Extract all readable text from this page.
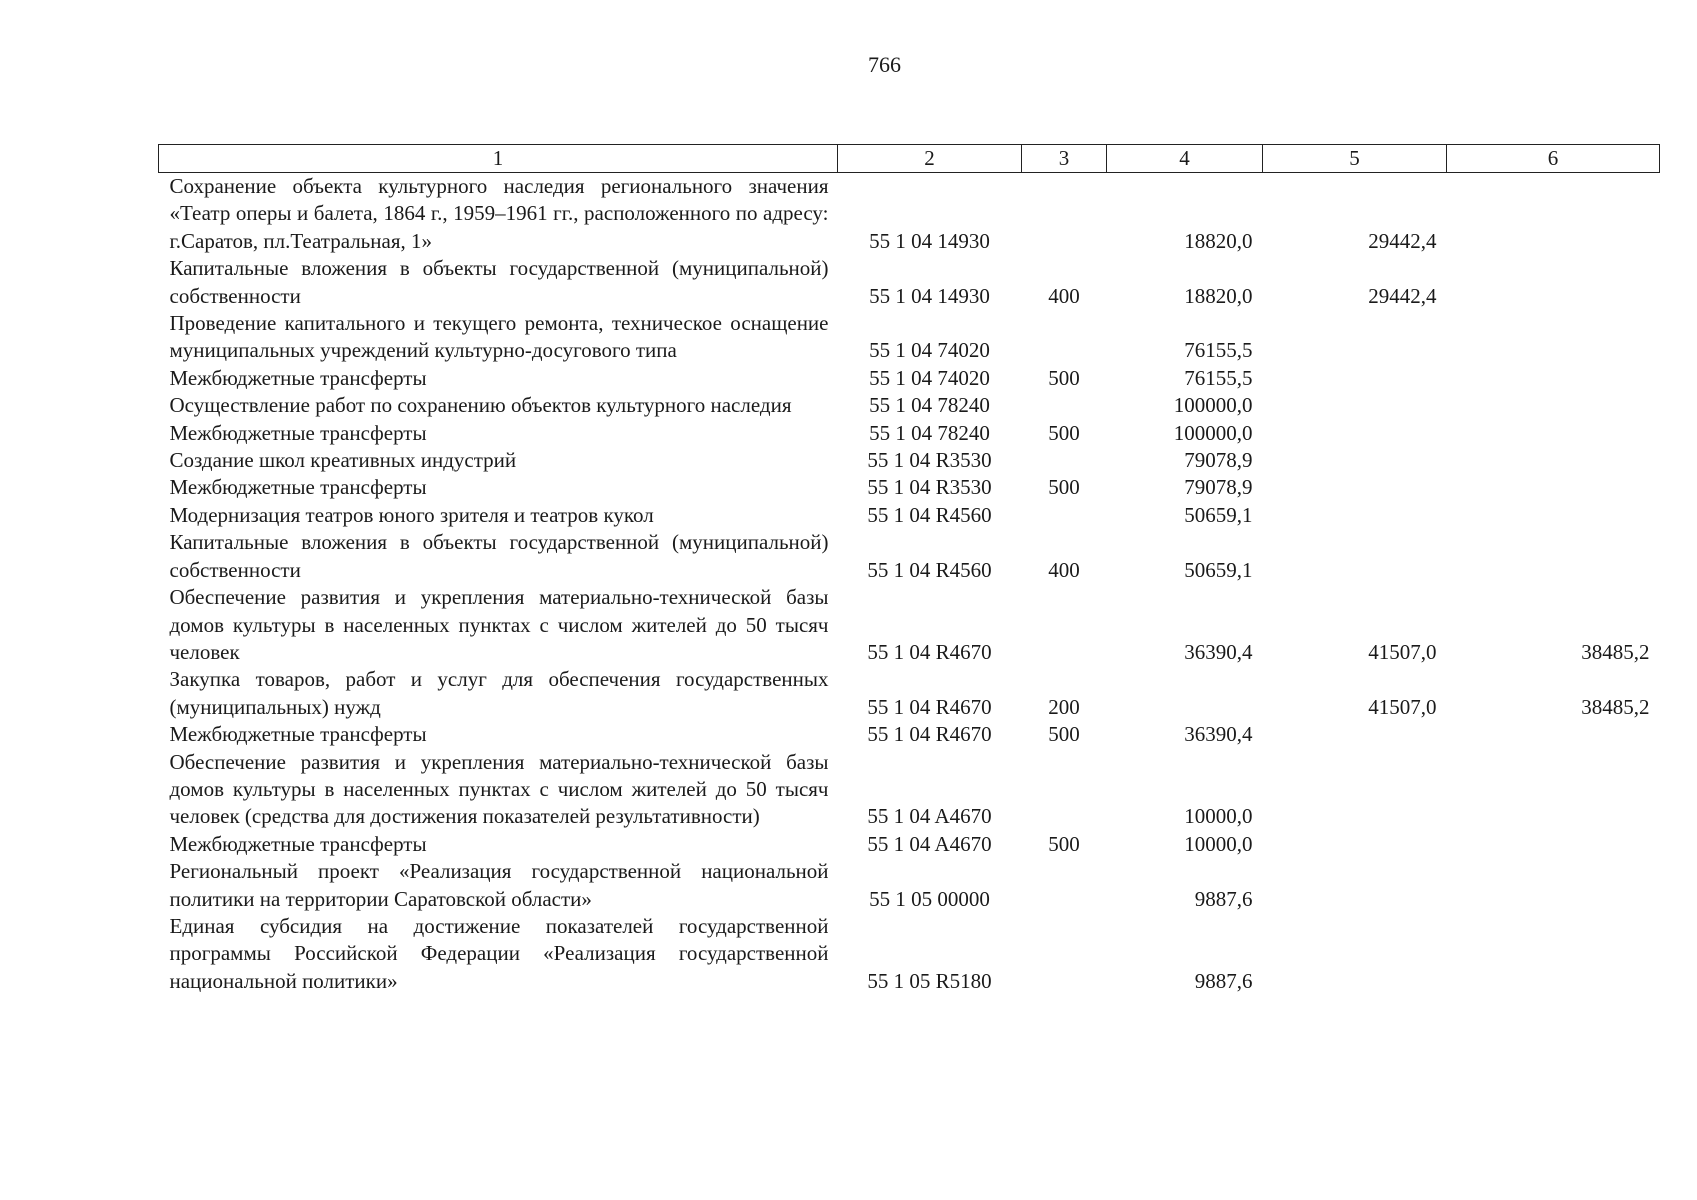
766
1	2	3	4	5	6
Сохранение объекта культурного наследия регионального значения «Театр оперы и балета, 1864 г., 1959–1961 гг., расположенного по адресу: г.Саратов, пл.Театральная, 1»	55 1 04 14930		18820,0	29442,4	
Капитальные вложения в объекты государственной (муниципальной) собственности	55 1 04 14930	400	18820,0	29442,4	
Проведение капитального и текущего ремонта, техническое оснащение муниципальных учреждений культурно-досугового типа	55 1 04 74020		76155,5		
Межбюджетные трансферты	55 1 04 74020	500	76155,5		
Осуществление работ по сохранению объектов культурного наследия	55 1 04 78240		100000,0		
Межбюджетные трансферты	55 1 04 78240	500	100000,0		
Создание школ креативных индустрий	55 1 04 R3530		79078,9		
Межбюджетные трансферты	55 1 04 R3530	500	79078,9		
Модернизация театров юного зрителя и театров кукол	55 1 04 R4560		50659,1		
Капитальные вложения в объекты государственной (муниципальной) собственности	55 1 04 R4560	400	50659,1		
Обеспечение развития и укрепления материально-технической базы домов культуры в населенных пунктах с числом жителей до 50 тысяч человек	55 1 04 R4670		36390,4	41507,0	38485,2
Закупка товаров, работ и услуг для обеспечения государственных (муниципальных) нужд	55 1 04 R4670	200		41507,0	38485,2
Межбюджетные трансферты	55 1 04 R4670	500	36390,4		
Обеспечение развития и укрепления материально-технической базы домов культуры в населенных пунктах с числом жителей до 50 тысяч человек (средства для достижения показателей результативности)	55 1 04 A4670		10000,0		
Межбюджетные трансферты	55 1 04 A4670	500	10000,0		
Региональный проект «Реализация государственной национальной политики на территории Саратовской области»	55 1 05 00000		9887,6		
Единая субсидия на достижение показателей государственной программы Российской Федерации «Реализация государственной национальной политики»	55 1 05 R5180		9887,6		
